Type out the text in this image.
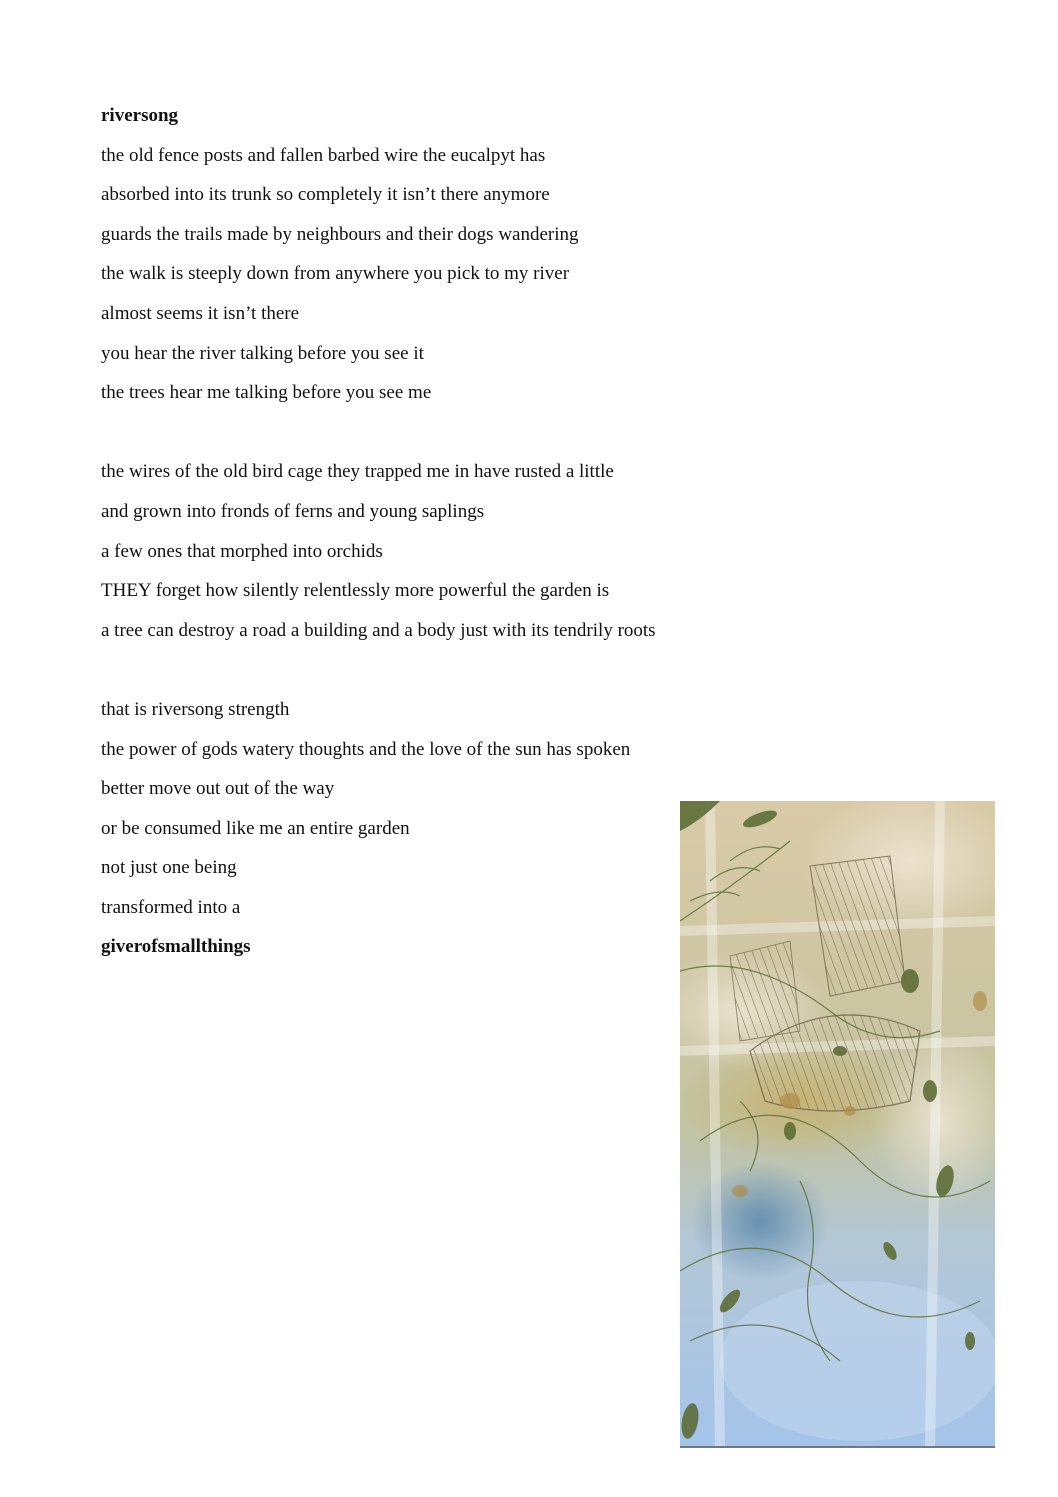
riversong
the old fence posts and fallen barbed wire the eucalpyt has
absorbed into its trunk so completely it isn’t there anymore
guards the trails made by neighbours and their dogs wandering
the walk is steeply down from anywhere you pick to my river
almost seems it isn’t there
you hear the river talking before you see it
the trees hear me talking before you see me
the wires of the old bird cage they trapped me in have rusted a little
and grown into fronds of ferns and young saplings
a few ones that morphed into orchids
THEY forget how silently relentlessly more powerful the garden is
a tree can destroy a road a building and a body just with its tendrily roots
that is riversong strength
the power of gods watery thoughts and the love of the sun has spoken
better move out out of the way
or be consumed like me an entire garden
not just one being
transformed into a
giverofsmallthings
